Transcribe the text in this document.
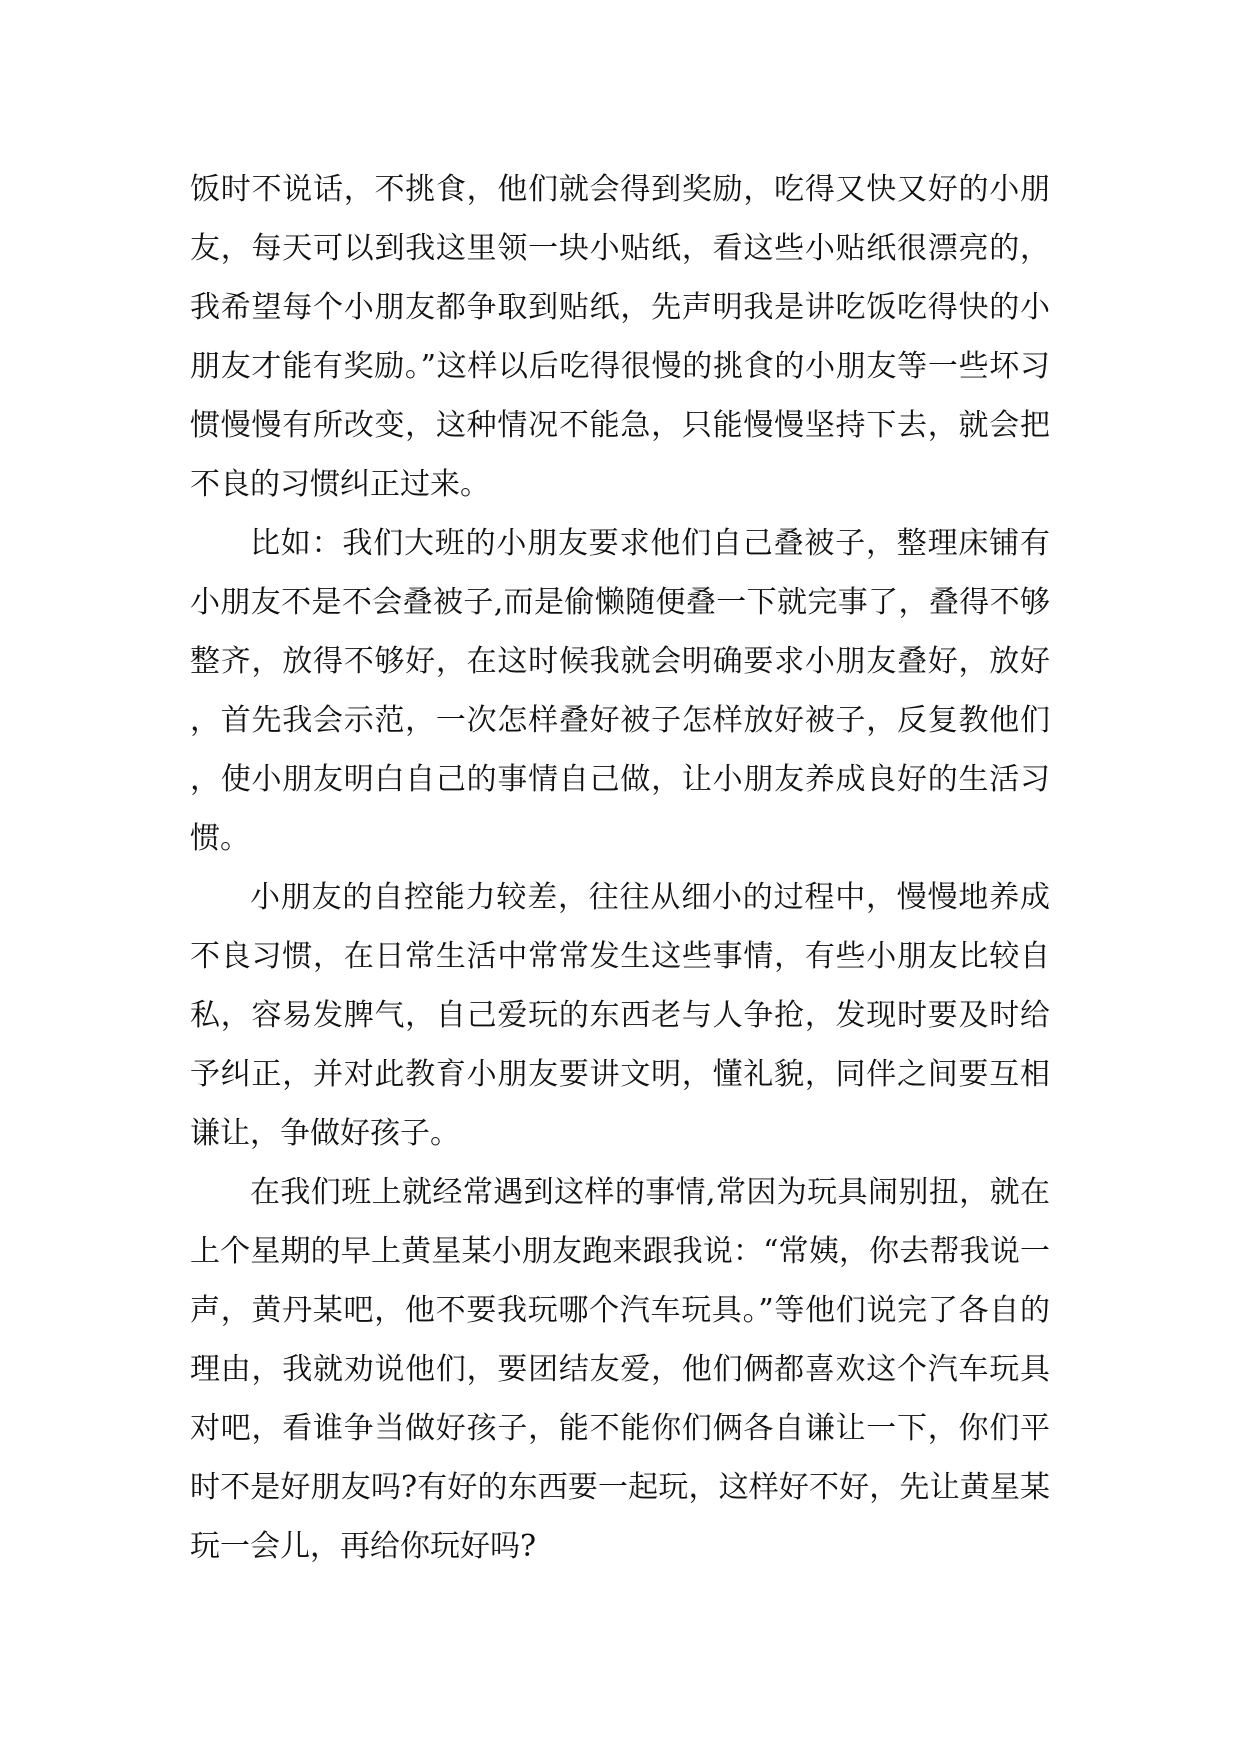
饭时不说话，不挑食，他们就会得到奖励，吃得又快又好的小朋友，每天可以到我这里领一块小贴纸，看这些小贴纸很漂亮的，我希望每个小朋友都争取到贴纸，先声明我是讲吃饭吃得快的小朋友才能有奖励。”这样以后吃得很慢的挑食的小朋友等一些坏习惯慢慢有所改变，这种情况不能急，只能慢慢坚持下去，就会把不良的习惯纠正过来。

比如：我们大班的小朋友要求他们自己叠被子，整理床铺有小朋友不是不会叠被子,而是偷懒随便叠一下就完事了，叠得不够整齐，放得不够好，在这时候我就会明确要求小朋友叠好，放好，首先我会示范，一次怎样叠好被子怎样放好被子，反复教他们，使小朋友明白自己的事情自己做，让小朋友养成良好的生活习惯。

小朋友的自控能力较差，往往从细小的过程中，慢慢地养成不良习惯，在日常生活中常常发生这些事情，有些小朋友比较自私，容易发脾气，自己爱玩的东西老与人争抢，发现时要及时给予纠正，并对此教育小朋友要讲文明，懂礼貌，同伴之间要互相谦让，争做好孩子。

在我们班上就经常遇到这样的事情,常因为玩具闹别扭，就在上个星期的早上黄星某小朋友跑来跟我说：“常姨，你去帮我说一声，黄丹某吧，他不要我玩哪个汽车玩具。”等他们说完了各自的理由，我就劝说他们，要团结友爱，他们俩都喜欢这个汽车玩具对吧，看谁争当做好孩子，能不能你们俩各自谦让一下，你们平时不是好朋友吗?有好的东西要一起玩，这样好不好，先让黄星某玩一会儿，再给你玩好吗?
